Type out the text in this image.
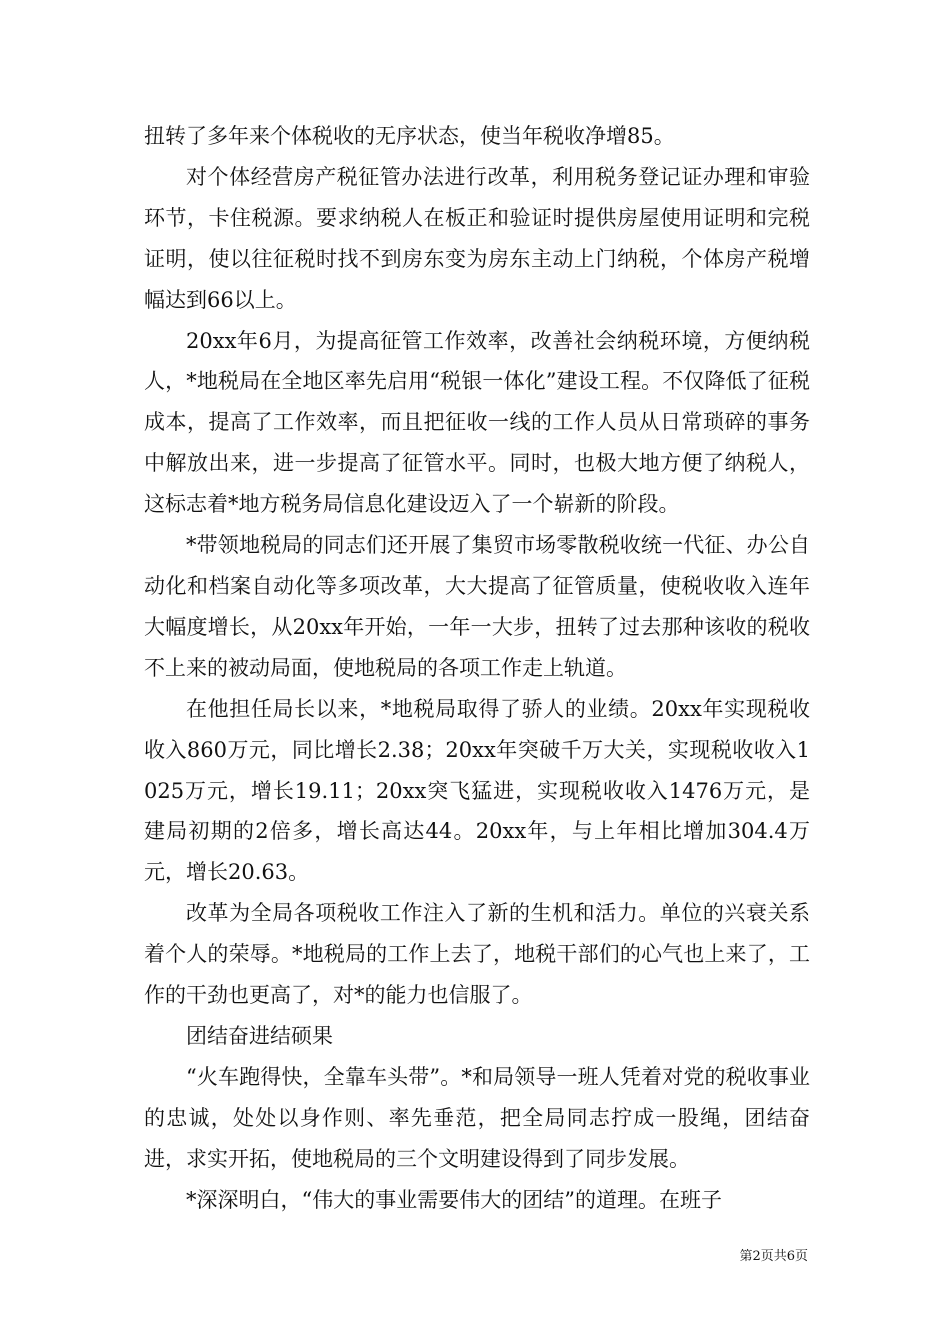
扭转了多年来个体税收的无序状态，使当年税收净增85。

对个体经营房产税征管办法进行改革，利用税务登记证办理和审验环节，卡住税源。要求纳税人在板正和验证时提供房屋使用证明和完税证明，使以往征税时找不到房东变为房东主动上门纳税，个体房产税增幅达到66以上。

20xx年6月，为提高征管工作效率，改善社会纳税环境，方便纳税人，*地税局在全地区率先启用“税银一体化”建设工程。不仅降低了征税成本，提高了工作效率，而且把征收一线的工作人员从日常琐碎的事务中解放出来，进一步提高了征管水平。同时，也极大地方便了纳税人，这标志着*地方税务局信息化建设迈入了一个崭新的阶段。

*带领地税局的同志们还开展了集贸市场零散税收统一代征、办公自动化和档案自动化等多项改革，大大提高了征管质量，使税收收入连年大幅度增长，从20xx年开始，一年一大步，扭转了过去那种该收的税收不上来的被动局面，使地税局的各项工作走上轨道。

在他担任局长以来，*地税局取得了骄人的业绩。20xx年实现税收收入860万元，同比增长2.38；20xx年突破千万大关，实现税收收入1025万元，增长19.11；20xx突飞猛进，实现税收收入1476万元，是建局初期的2倍多，增长高达44。20xx年，与上年相比增加304.4万元，增长20.63。

改革为全局各项税收工作注入了新的生机和活力。单位的兴衰关系着个人的荣辱。*地税局的工作上去了，地税干部们的心气也上来了，工作的干劲也更高了，对*的能力也信服了。

团结奋进结硕果

“火车跑得快，全靠车头带”。*和局领导一班人凭着对党的税收事业的忠诚，处处以身作则、率先垂范，把全局同志拧成一股绳，团结奋进，求实开拓，使地税局的三个文明建设得到了同步发展。

*深深明白，“伟大的事业需要伟大的团结”的道理。在班子

第2页共6页
